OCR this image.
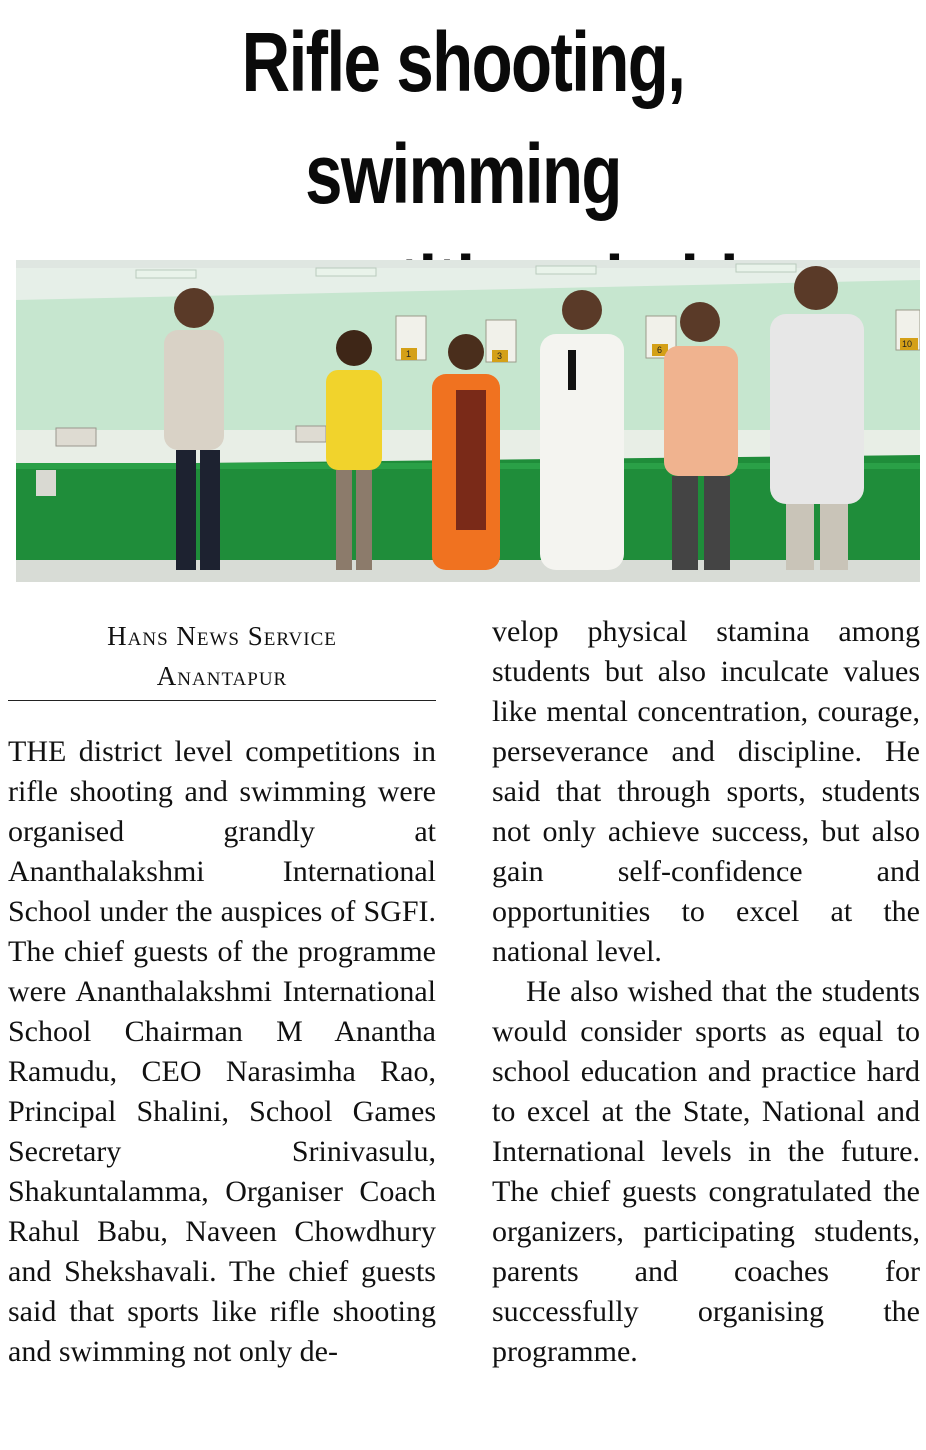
Rifle shooting, swimming
1	3
6
10
Hans News Service
Anantapur

THE district level competitions in rifle shooting and swimming were organised grandly at Ananthalakshmi International School under the auspices of SGFI. The chief guests of the programme were Ananthalakshmi International School Chairman M Anantha Ramudu, CEO Narasimha Rao, Principal Shalini, School Games Secretary Srinivasulu, Shakuntalamma, Organiser Coach Rahul Babu, Naveen Chowdhury and Shekshavali. The chief guests said that sports like rifle shooting and swimming not only de-

velop physical stamina among students but also inculcate values like mental concentration, courage, perseverance and discipline. He said that through sports, students not only achieve success, but also gain self-confidence and opportunities to excel at the national level.

He also wished that the students would consider sports as equal to school education and practice hard to excel at the State, National and International levels in the future. The chief guests congratulated the organizers, participating students, parents and coaches for successfully organising the programme.
